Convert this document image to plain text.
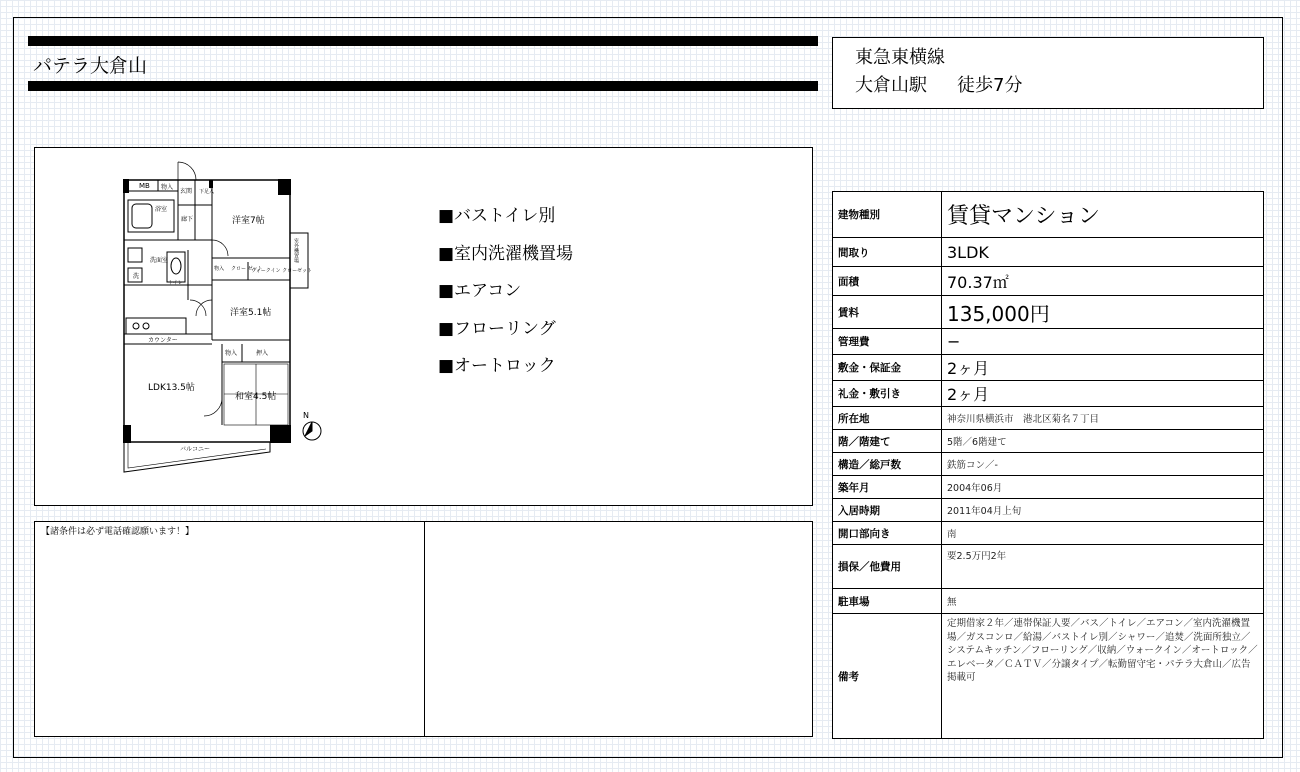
パテラ大倉山	東急東横線
大倉山駅 徒歩7分
MB 物入
玄関 下足入
浴室
廊下	洋室7帖
洗面室
洗
トイレ
物入 クロー ゼット
ウォークイン クローゼット
室外機置場
洋室5.1帖
カウンター
LDK13.5帖
物入	押入
和室4.5帖
バルコニー
N
■バストイレ別
■室内洗濯機置場
■エアコン
■フローリング
■オートロック
【諸条件は必ず電話確認願います！】
建物種別	賃貸マンション
間取り	3LDK
面積	70.37㎡
賃料	135,000円
管理費	−
敷金・保証金	2ヶ月
礼金・敷引き	2ヶ月
所在地	神奈川県横浜市　港北区菊名７丁目
階／階建て	5階／6階建て
構造／総戸数	鉄筋コン／-
築年月	2004年06月
入居時期	2011年04月上旬
開口部向き	南
損保／他費用	要2.5万円2年
駐車場	無
備考	定期借家２年／連帯保証人要／バス／トイレ／エアコン／室内洗濯機置場／ガスコンロ／給湯／バストイレ別／シャワー／追焚／洗面所独立／システムキッチン／フローリング／収納／ウォークイン／オートロック／エレベータ／ＣＡＴＶ／分譲タイプ／転勤留守宅・パテラ大倉山／広告掲載可
